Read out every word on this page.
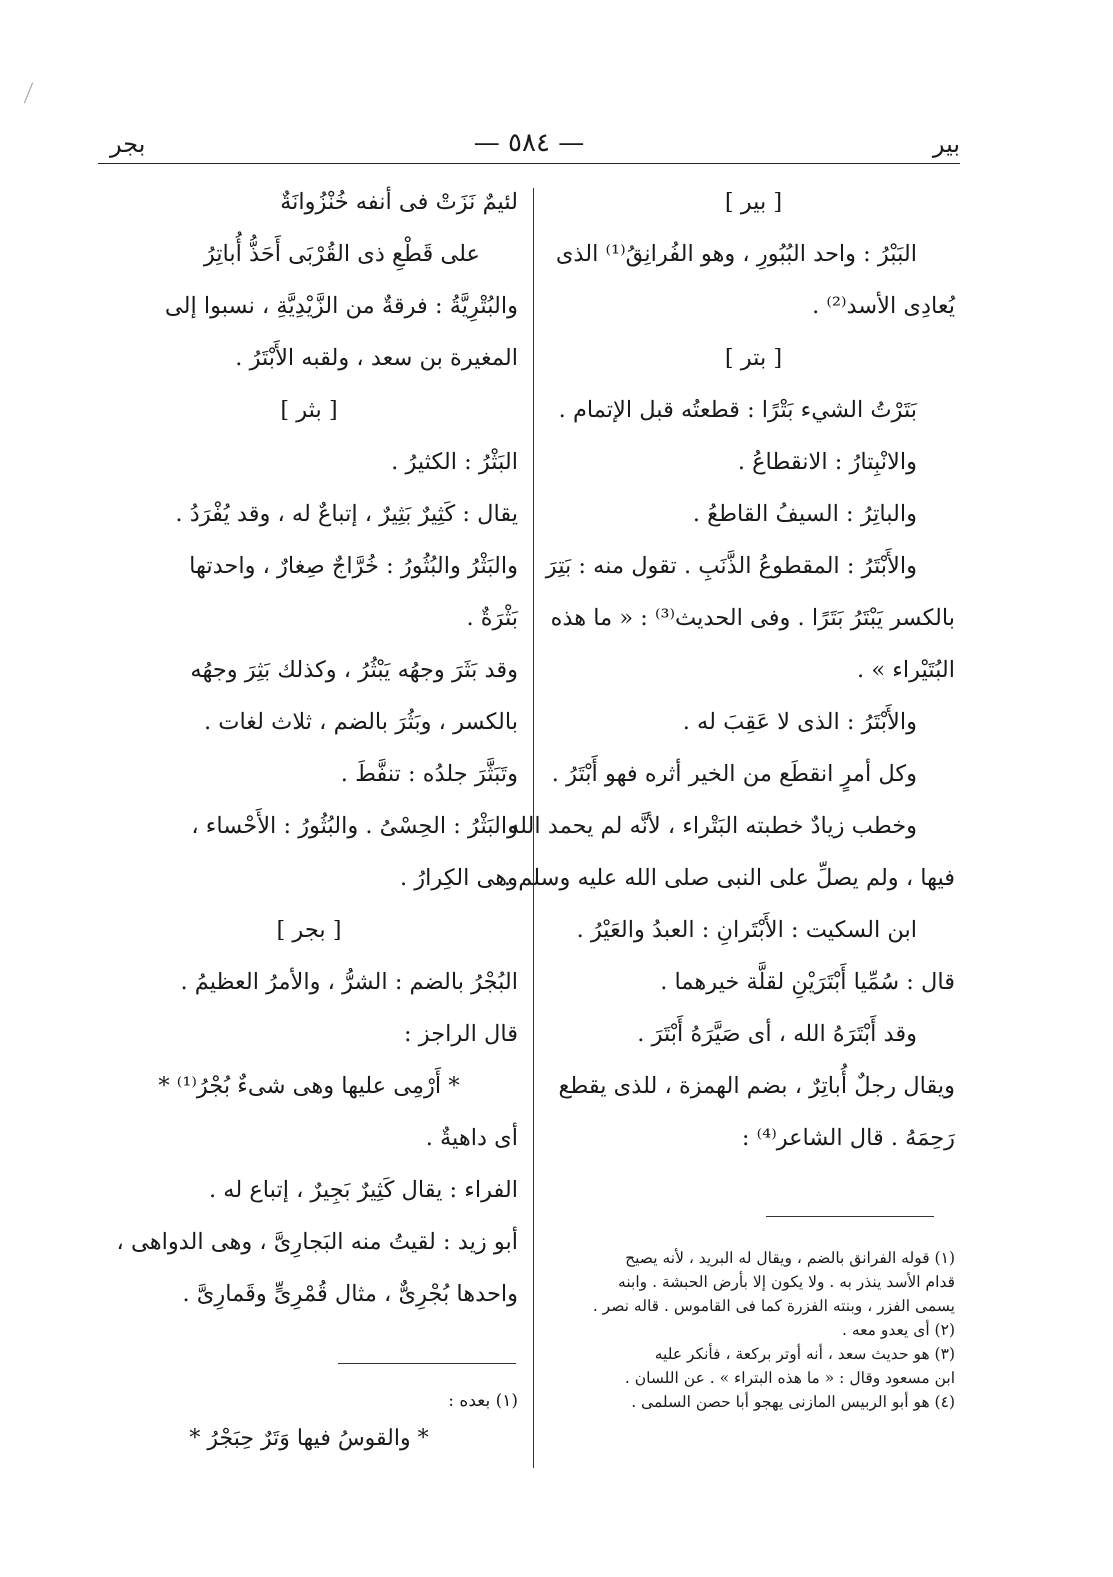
بير
— ٥٨٤ —
بجر
[ بير ]
البَبْرُ : واحد البُبُورِ ، وهو الفُرانِقُ⁽¹⁾ الذى
يُعادِى الأسد⁽²⁾ .
[ بتر ]
بَتَرْتُ الشيء بَتْرًا : قطعتُه قبل الإتمام .
والانْبِتارُ : الانقطاعُ .
والباتِرُ : السيفُ القاطعُ .
والأَبْتَرُ : المقطوعُ الذَّنَبِ . تقول منه : بَتِرَ
بالكسر يَبْتَرُ بَتَرًا . وفى الحديث⁽³⁾ : « ما هذه
البُتَيْراء » .
والأَبْتَرُ : الذى لا عَقِبَ له .
وكل أمرٍ انقطَع من الخير أثره فهو أَبْتَرُ .
وخطب زيادٌ خطبته البَتْراء ، لأنَّه لم يحمد الله
فيها ، ولم يصلِّ على النبى صلى الله عليه وسلم .
ابن السكيت : الأَبْتَرانِ : العبدُ والعَيْرُ .
قال : سُمِّيا أَبْتَرَيْنِ لقلَّة خيرهما .
وقد أَبْتَرَهُ الله ، أى صَيَّرَهُ أَبْتَرَ .
ويقال رجلٌ أُباتِرٌ ، بضم الهمزة ، للذى يقطع
رَحِمَهُ . قال الشاعر⁽⁴⁾ :
لئيمٌ نَزَتْ فى أنفه خُنْزُوانَةٌ
على قَطْعِ ذى القُرْبَى أَحَذُّ أُباتِرُ
والبُتْرِيَّةُ : فرقةٌ من الزَّيْدِيَّةِ ، نسبوا إلى
المغيرة بن سعد ، ولقبه الأَبْتَرُ .
[ بثر ]
البَثْرُ : الكثيرُ .
يقال : كَثِيرٌ بَثِيرٌ ، إتباعٌ له ، وقد يُفْرَدُ .
والبَثْرُ والبُثُورُ : خُرَّاجٌ صِغارٌ ، واحدتها
بَثْرَةٌ .
وقد بَثَرَ وجهُه يَبْثُرُ ، وكذلك بَثِرَ وجهُه
بالكسر ، وبَثُرَ بالضم ، ثلاث لغات .
وتَبَثَّرَ جلدُه : تنفَّطَ .
والبَثْرُ : الحِسْىُ . والبُثُورُ : الأَحْساء ،
وهى الكِرارُ .
[ بجر ]
البُجْرُ بالضم : الشرُّ ، والأمرُ العظيمُ .
قال الراجز :
* أَرْمِى عليها وهى شىءٌ بُجْرُ⁽¹⁾ *
أى داهيةٌ .
الفراء : يقال كَثِيرٌ بَجِيرٌ ، إتباع له .
أبو زيد : لقيتُ منه البَجارِىَّ ، وهى الدواهى ،
واحدها بُجْرِىٌّ ، مثال قُمْرِىٍّ وقَمارِىَّ .
(١) قوله الفرانق بالضم ، ويقال له البريد ، لأنه يصيح
قدام الأسد ينذر به . ولا يكون إلا بأرض الحبشة . وابنه
يسمى الفزر ، وبنته الفزرة كما فى القاموس . قاله نصر .
(٢) أى يعدو معه .
(٣) هو حديث سعد ، أنه أوتر بركعة ، فأنكر عليه
ابن مسعود وقال : « ما هذه البتراء » . عن اللسان .
(٤) هو أبو الربيس المازنى يهجو أبا حصن السلمى .
(١) بعده :
* والقوسُ فيها وَتَرٌ حِبَجْرُ *
